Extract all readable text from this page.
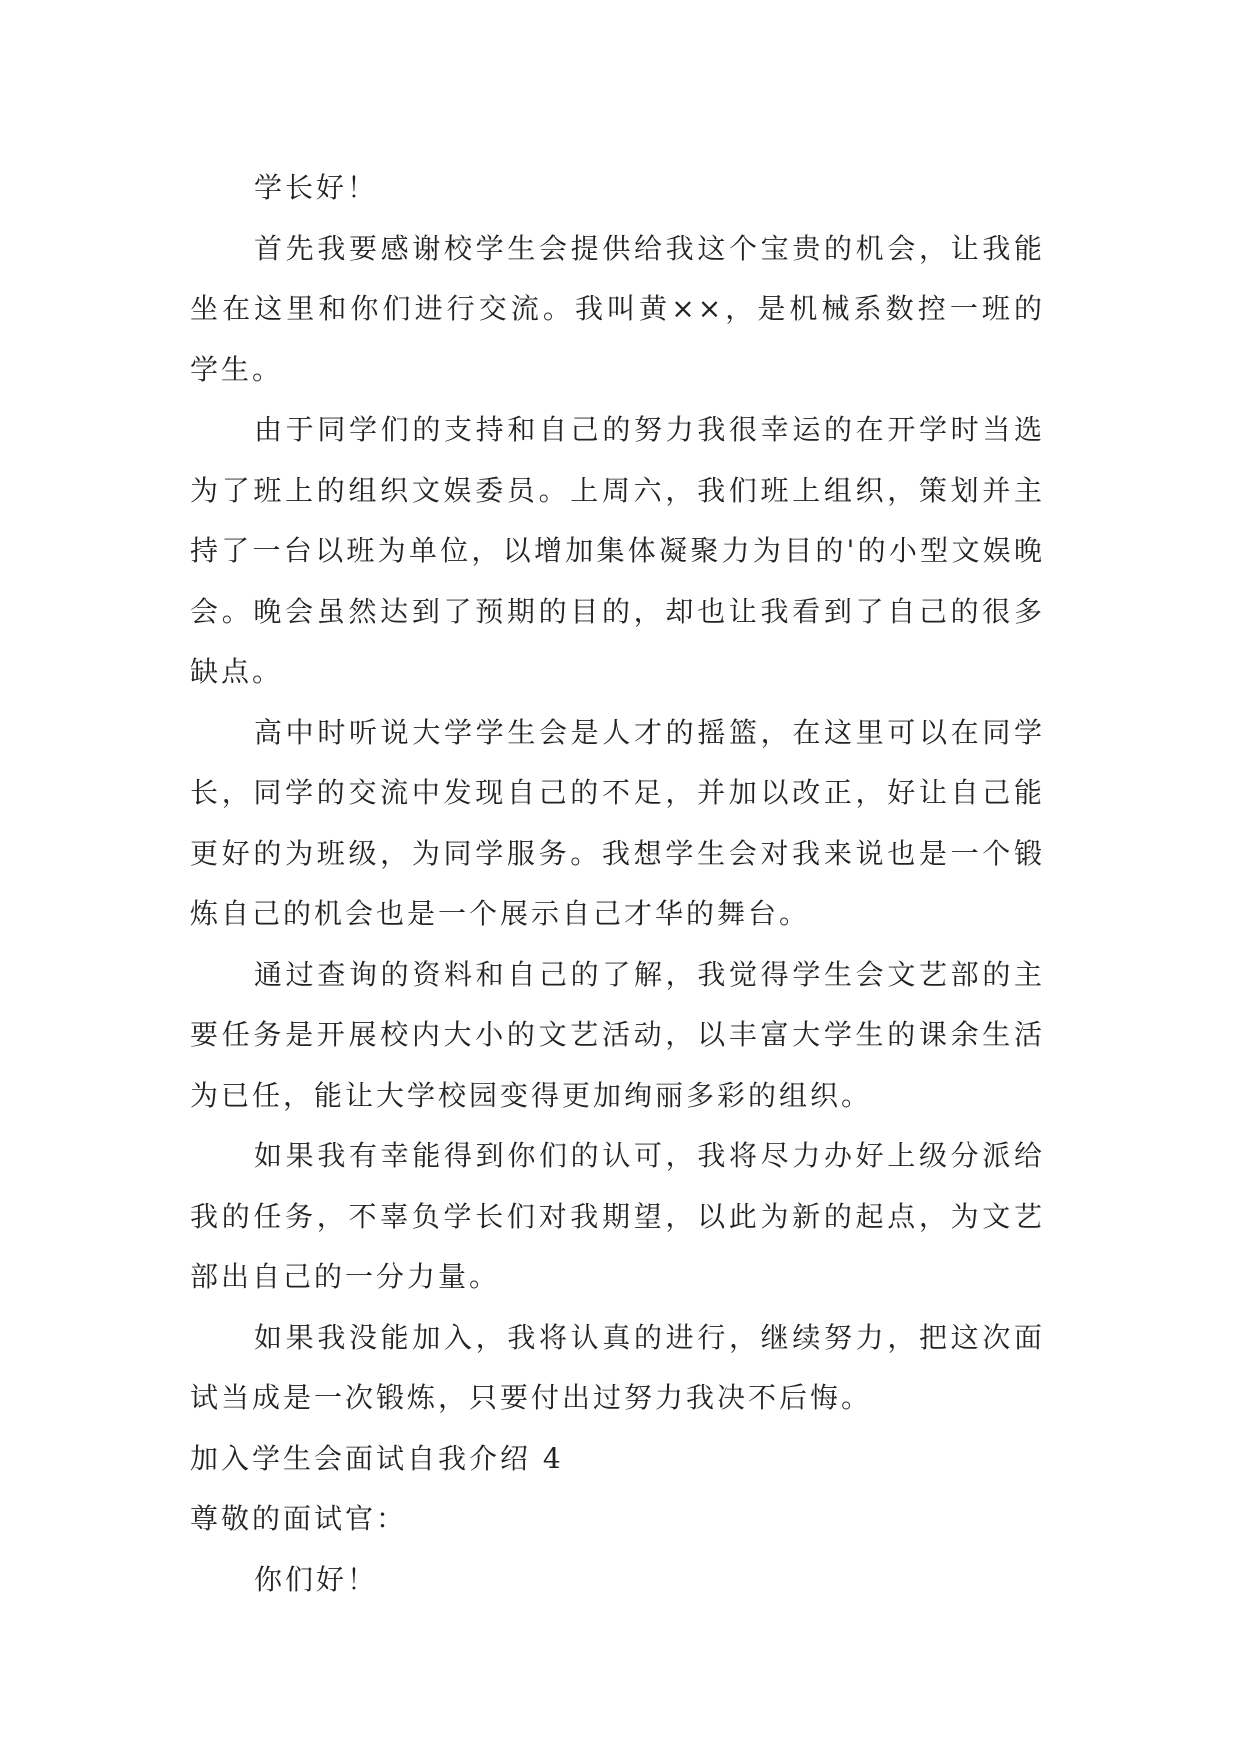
学长好！

首先我要感谢校学生会提供给我这个宝贵的机会，让我能坐在这里和你们进行交流。我叫黄××，是机械系数控一班的学生。

由于同学们的支持和自己的努力我很幸运的在开学时当选为了班上的组织文娱委员。上周六，我们班上组织，策划并主持了一台以班为单位，以增加集体凝聚力为目的'的小型文娱晚会。晚会虽然达到了预期的目的，却也让我看到了自己的很多缺点。

高中时听说大学学生会是人才的摇篮，在这里可以在同学长，同学的交流中发现自己的不足，并加以改正，好让自己能更好的为班级，为同学服务。我想学生会对我来说也是一个锻炼自己的机会也是一个展示自己才华的舞台。

通过查询的资料和自己的了解，我觉得学生会文艺部的主要任务是开展校内大小的文艺活动，以丰富大学生的课余生活为已任，能让大学校园变得更加绚丽多彩的组织。

如果我有幸能得到你们的认可，我将尽力办好上级分派给我的任务，不辜负学长们对我期望，以此为新的起点，为文艺部出自己的一分力量。

如果我没能加入，我将认真的进行，继续努力，把这次面试当成是一次锻炼，只要付出过努力我决不后悔。

加入学生会面试自我介绍 4

尊敬的面试官：

你们好！
